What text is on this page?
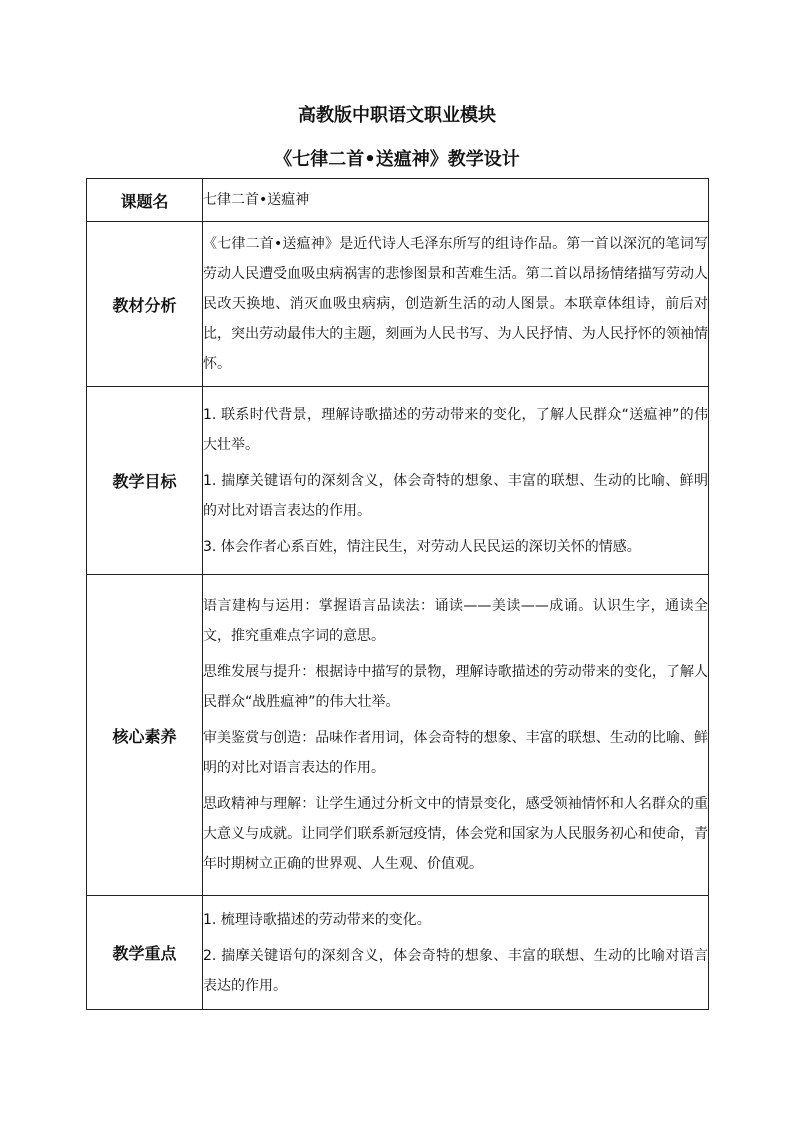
高教版中职语文职业模块
《七律二首•送瘟神》教学设计
课题名	七律二首•送瘟神
教材分析	《七律二首•送瘟神》是近代诗人毛泽东所写的组诗作品。第一首以深沉的笔词写劳动人民遭受血吸虫病祸害的悲惨图景和苦难生活。第二首以昂扬情绪描写劳动人民改天换地、消灭血吸虫病病，创造新生活的动人图景。本联章体组诗，前后对比，突出劳动最伟大的主题，刻画为人民书写、为人民抒情、为人民抒怀的领袖情怀。

教学目标	1. 联系时代背景，理解诗歌描述的劳动带来的变化，了解人民群众“送瘟神”的伟大壮举。

1. 揣摩关键语句的深刻含义，体会奇特的想象、丰富的联想、生动的比喻、鲜明的对比对语言表达的作用。

3. 体会作者心系百姓，情注民生，对劳动人民民运的深切关怀的情感。

核心素养	语言建构与运用：掌握语言品读法：诵读——美读——成诵。认识生字，通读全文，推究重难点字词的意思。

思维发展与提升：根据诗中描写的景物，理解诗歌描述的劳动带来的变化，了解人民群众“战胜瘟神”的伟大壮举。

审美鉴赏与创造：品味作者用词，体会奇特的想象、丰富的联想、生动的比喻、鲜明的对比对语言表达的作用。

思政精神与理解：让学生通过分析文中的情景变化，感受领袖情怀和人名群众的重大意义与成就。让同学们联系新冠疫情，体会党和国家为人民服务初心和使命，青年时期树立正确的世界观、人生观、价值观。

教学重点	1. 梳理诗歌描述的劳动带来的变化。

2. 揣摩关键语句的深刻含义，体会奇特的想象、丰富的联想、生动的比喻对语言表达的作用。
